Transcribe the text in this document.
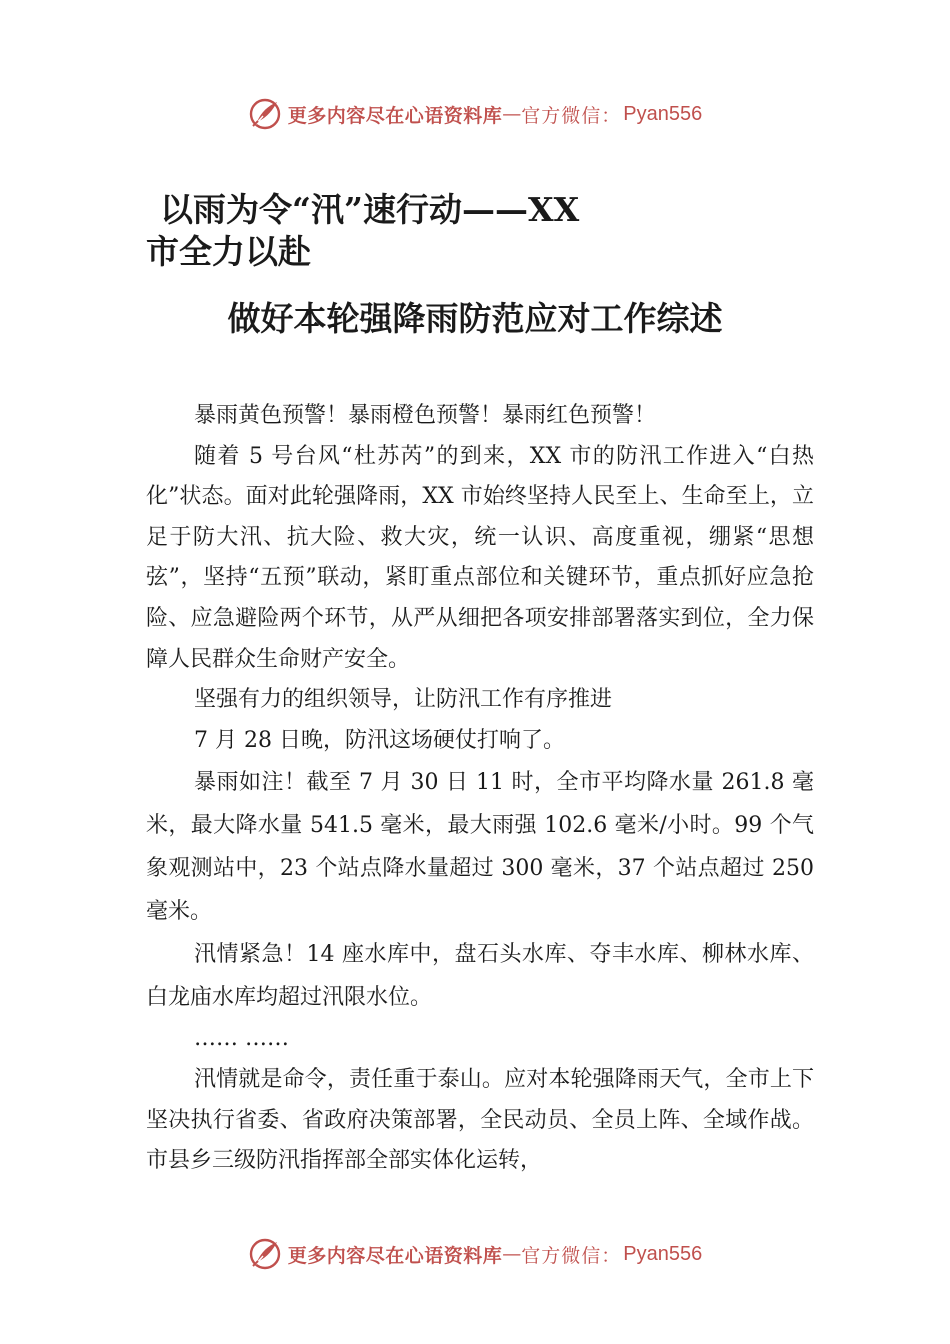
更多内容尽在心语资料库 — 官方微信： Pyan556
以雨为令“汛”速行动——XX
市全力以赴
做好本轮强降雨防范应对工作综述

暴雨黄色预警！暴雨橙色预警！暴雨红色预警！

随着 5 号台风“杜苏芮”的到来，XX 市的防汛工作进入“白热化”状态。面对此轮强降雨，XX 市始终坚持人民至上、生命至上，立足于防大汛、抗大险、救大灾，统一认识、高度重视，绷紧“思想弦”，坚持“五预”联动，紧盯重点部位和关键环节，重点抓好应急抢险、应急避险两个环节，从严从细把各项安排部署落实到位，全力保障人民群众生命财产安全。

坚强有力的组织领导，让防汛工作有序推进

7 月 28 日晚，防汛这场硬仗打响了。

暴雨如注！截至 7 月 30 日 11 时，全市平均降水量 261.8 毫米，最大降水量 541.5 毫米，最大雨强 102.6 毫米/小时。99 个气象观测站中，23 个站点降水量超过 300 毫米，37 个站点超过 250 毫米。

汛情紧急！14 座水库中，盘石头水库、夺丰水库、柳林水库、白龙庙水库均超过汛限水位。

…… ……

汛情就是命令，责任重于泰山。应对本轮强降雨天气，全市上下坚决执行省委、省政府决策部署，全民动员、全员上阵、全域作战。市县乡三级防汛指挥部全部实体化运转，

更多内容尽在心语资料库 — 官方微信： Pyan556
